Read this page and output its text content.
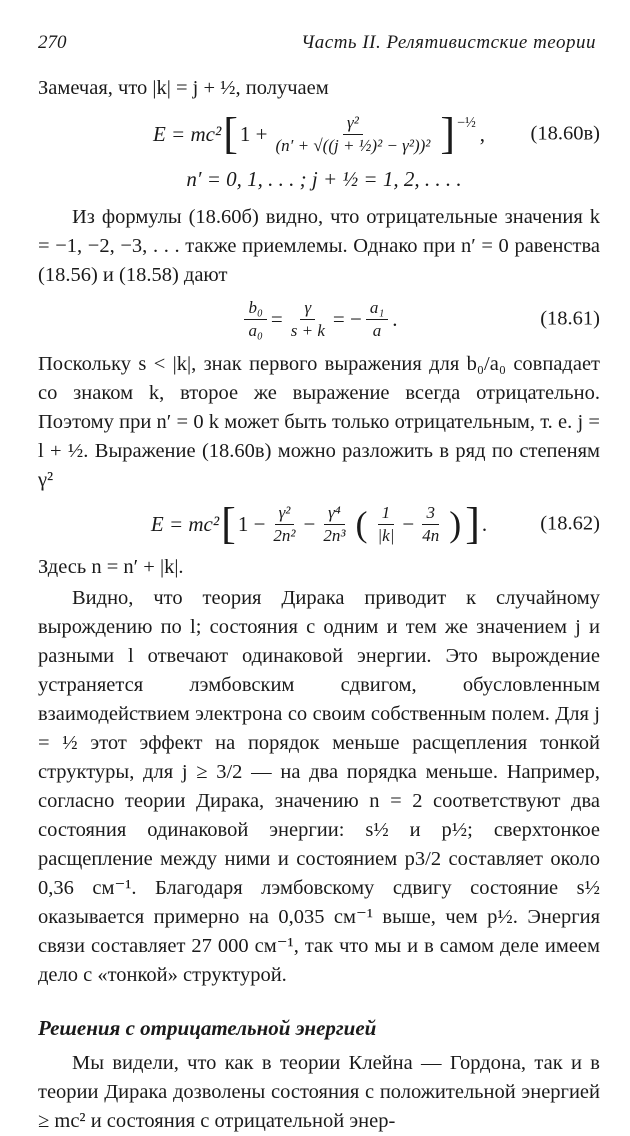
270	Часть II. Релятивистские теории

Замечая, что |k| = j + ½, получаем

E = mc² [ $1 + \frac{\text{γ²}}{\text{(n′ + √((j + ½)² − γ²))²}} ]^{-\frac{1}{2}}$ , (18.60в)
n′ = 0, 1, . . . ; j + ½ = 1, 2, . . . .

Из формулы (18.60б) видно, что отрицательные значения k = −1, −2, −3, . . . также приемлемы. Однако при n′ = 0 равенства (18.56) и (18.58) дают

$\frac{\text{b₀}}{\text{a₀}} = \frac{\gamma}{s + k}$ = − $\frac{\text{a₁}}{a}$ .	(18.61)

Поскольку s < |k|, знак первого выражения для b₀/a₀ совпадает со знаком k, второе же выражение всегда отрицательно. Поэтому при n′ = 0 k может быть только отрицательным, т. е. j = l + ½. Выражение (18.60в) можно разложить в ряд по степеням γ²

E = mc² [ $1 - \frac{\text{γ²}}{\text{2n²}} - \frac{\text{γ⁴}}{\text{2n³}}$ ( $\frac{1}{|k|} - \frac{3}{4n}$ ) ] .	(18.62)

Здесь n = n′ + |k|.

Видно, что теория Дирака приводит к случайному вырождению по l; состояния с одним и тем же значением j и разными l отвечают одинаковой энергии. Это вырождение устраняется лэмбовским сдвигом, обусловленным взаимодействием электрона со своим собственным полем. Для j = ½ этот эффект на порядок меньше расщепления тонкой структуры, для j ≥ 3/2 — на два порядка меньше. Например, согласно теории Дирака, значению n = 2 соответствуют два состояния одинаковой энергии: s½ и p½; сверхтонкое расщепление между ними и состоянием p3/2 составляет около 0,36 см⁻¹. Благодаря лэмбовскому сдвигу состояние s½ оказывается примерно на 0,035 см⁻¹ выше, чем p½. Энергия связи составляет 27 000 см⁻¹, так что мы и в самом деле имеем дело с «тонкой» структурой.

Решения с отрицательной энергией

Мы видели, что как в теории Клейна — Гордона, так и в теории Дирака дозволены состояния с положительной энергией ≥ mc² и состояния с отрицательной энер-
